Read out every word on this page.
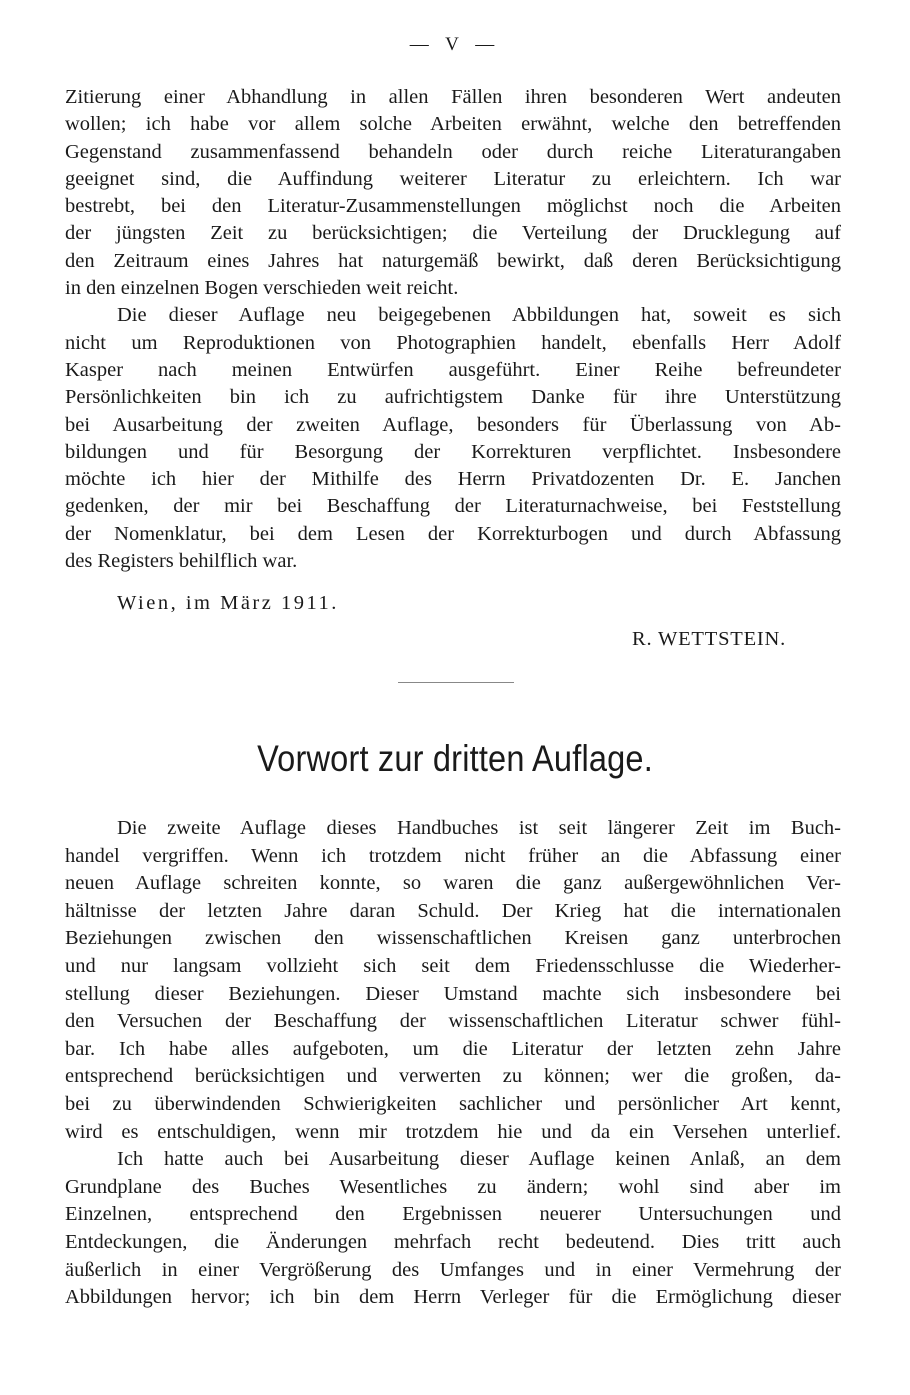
— V —
Zitierung einer Abhandlung in allen Fällen ihren besonderen Wert andeuten
wollen; ich habe vor allem solche Arbeiten erwähnt, welche den betreffenden
Gegenstand zusammenfassend behandeln oder durch reiche Literaturangaben
geeignet sind, die Auffindung weiterer Literatur zu erleichtern. Ich war
bestrebt, bei den Literatur-Zusammenstellungen möglichst noch die Arbeiten
der jüngsten Zeit zu berücksichtigen; die Verteilung der Drucklegung auf
den Zeitraum eines Jahres hat naturgemäß bewirkt, daß deren Berücksichtigung
in den einzelnen Bogen verschieden weit reicht.
Die dieser Auflage neu beigegebenen Abbildungen hat, soweit es sich
nicht um Reproduktionen von Photographien handelt, ebenfalls Herr Adolf
Kasper nach meinen Entwürfen ausgeführt. Einer Reihe befreundeter
Persönlichkeiten bin ich zu aufrichtigstem Danke für ihre Unterstützung
bei Ausarbeitung der zweiten Auflage, besonders für Überlassung von Ab-
bildungen und für Besorgung der Korrekturen verpflichtet. Insbesondere
möchte ich hier der Mithilfe des Herrn Privatdozenten Dr. E. Janchen
gedenken, der mir bei Beschaffung der Literaturnachweise, bei Feststellung
der Nomenklatur, bei dem Lesen der Korrekturbogen und durch Abfassung
des Registers behilflich war.
Wien, im März 1911.
R. WETTSTEIN.
Vorwort zur dritten Auflage.
Die zweite Auflage dieses Handbuches ist seit längerer Zeit im Buch-
handel vergriffen. Wenn ich trotzdem nicht früher an die Abfassung einer
neuen Auflage schreiten konnte, so waren die ganz außergewöhnlichen Ver-
hältnisse der letzten Jahre daran Schuld. Der Krieg hat die internationalen
Beziehungen zwischen den wissenschaftlichen Kreisen ganz unterbrochen
und nur langsam vollzieht sich seit dem Friedensschlusse die Wiederher-
stellung dieser Beziehungen. Dieser Umstand machte sich insbesondere bei
den Versuchen der Beschaffung der wissenschaftlichen Literatur schwer fühl-
bar. Ich habe alles aufgeboten, um die Literatur der letzten zehn Jahre
entsprechend berücksichtigen und verwerten zu können; wer die großen, da-
bei zu überwindenden Schwierigkeiten sachlicher und persönlicher Art kennt,
wird es entschuldigen, wenn mir trotzdem hie und da ein Versehen unterlief.
Ich hatte auch bei Ausarbeitung dieser Auflage keinen Anlaß, an dem
Grundplane des Buches Wesentliches zu ändern; wohl sind aber im
Einzelnen, entsprechend den Ergebnissen neuerer Untersuchungen und
Entdeckungen, die Änderungen mehrfach recht bedeutend. Dies tritt auch
äußerlich in einer Vergrößerung des Umfanges und in einer Vermehrung der
Abbildungen hervor; ich bin dem Herrn Verleger für die Ermöglichung dieser
